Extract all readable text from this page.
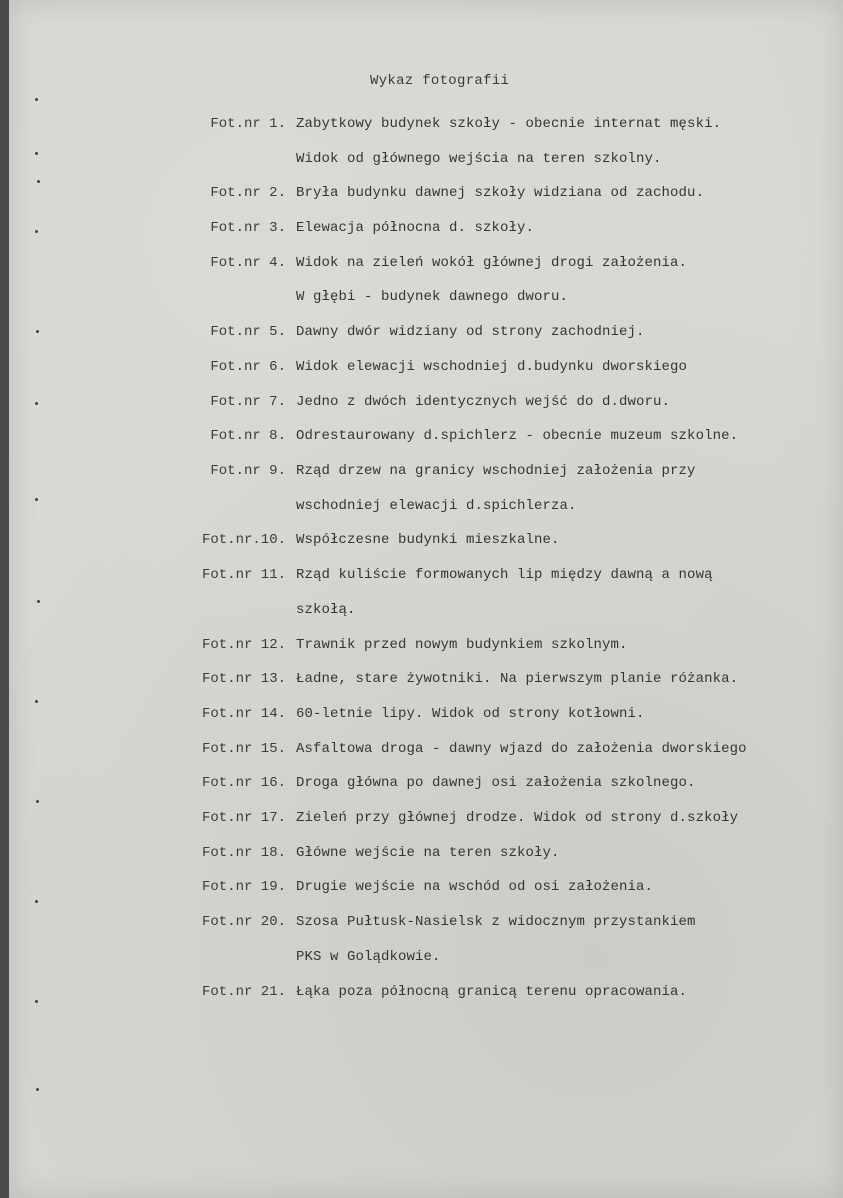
Wykaz fotografii
Fot.nr 1. Zabytkowy budynek szkoły - obecnie internat męski.
Widok od głównego wejścia na teren szkolny.
Fot.nr 2. Bryła budynku dawnej szkoły widziana od zachodu.
Fot.nr 3. Elewacja północna d. szkoły.
Fot.nr 4. Widok na zieleń wokół głównej drogi założenia.
W głębi - budynek dawnego dworu.
Fot.nr 5. Dawny dwór widziany od strony zachodniej.
Fot.nr 6. Widok elewacji wschodniej d.budynku dworskiego
Fot.nr 7. Jedno z dwóch identycznych wejść do d.dworu.
Fot.nr 8. Odrestaurowany d.spichlerz - obecnie muzeum szkolne.
Fot.nr 9. Rząd drzew na granicy wschodniej założenia przy
wschodniej elewacji d.spichlerza.
Fot.nr.10. Współczesne budynki mieszkalne.
Fot.nr 11. Rząd kuliście formowanych lip między dawną a nową
szkołą.
Fot.nr 12. Trawnik przed nowym budynkiem szkolnym.
Fot.nr 13. Ładne, stare żywotniki. Na pierwszym planie różanka.
Fot.nr 14. 60-letnie lipy. Widok od strony kotłowni.
Fot.nr 15. Asfaltowa droga - dawny wjazd do założenia dworskiego
Fot.nr 16. Droga główna po dawnej osi założenia szkolnego.
Fot.nr 17. Zieleń przy głównej drodze. Widok od strony d.szkoły
Fot.nr 18. Główne wejście na teren szkoły.
Fot.nr 19. Drugie wejście na wschód od osi założenia.
Fot.nr 20. Szosa Pułtusk-Nasielsk z widocznym przystankiem
PKS w Golądkowie.
Fot.nr 21. Łąka poza północną granicą terenu opracowania.
